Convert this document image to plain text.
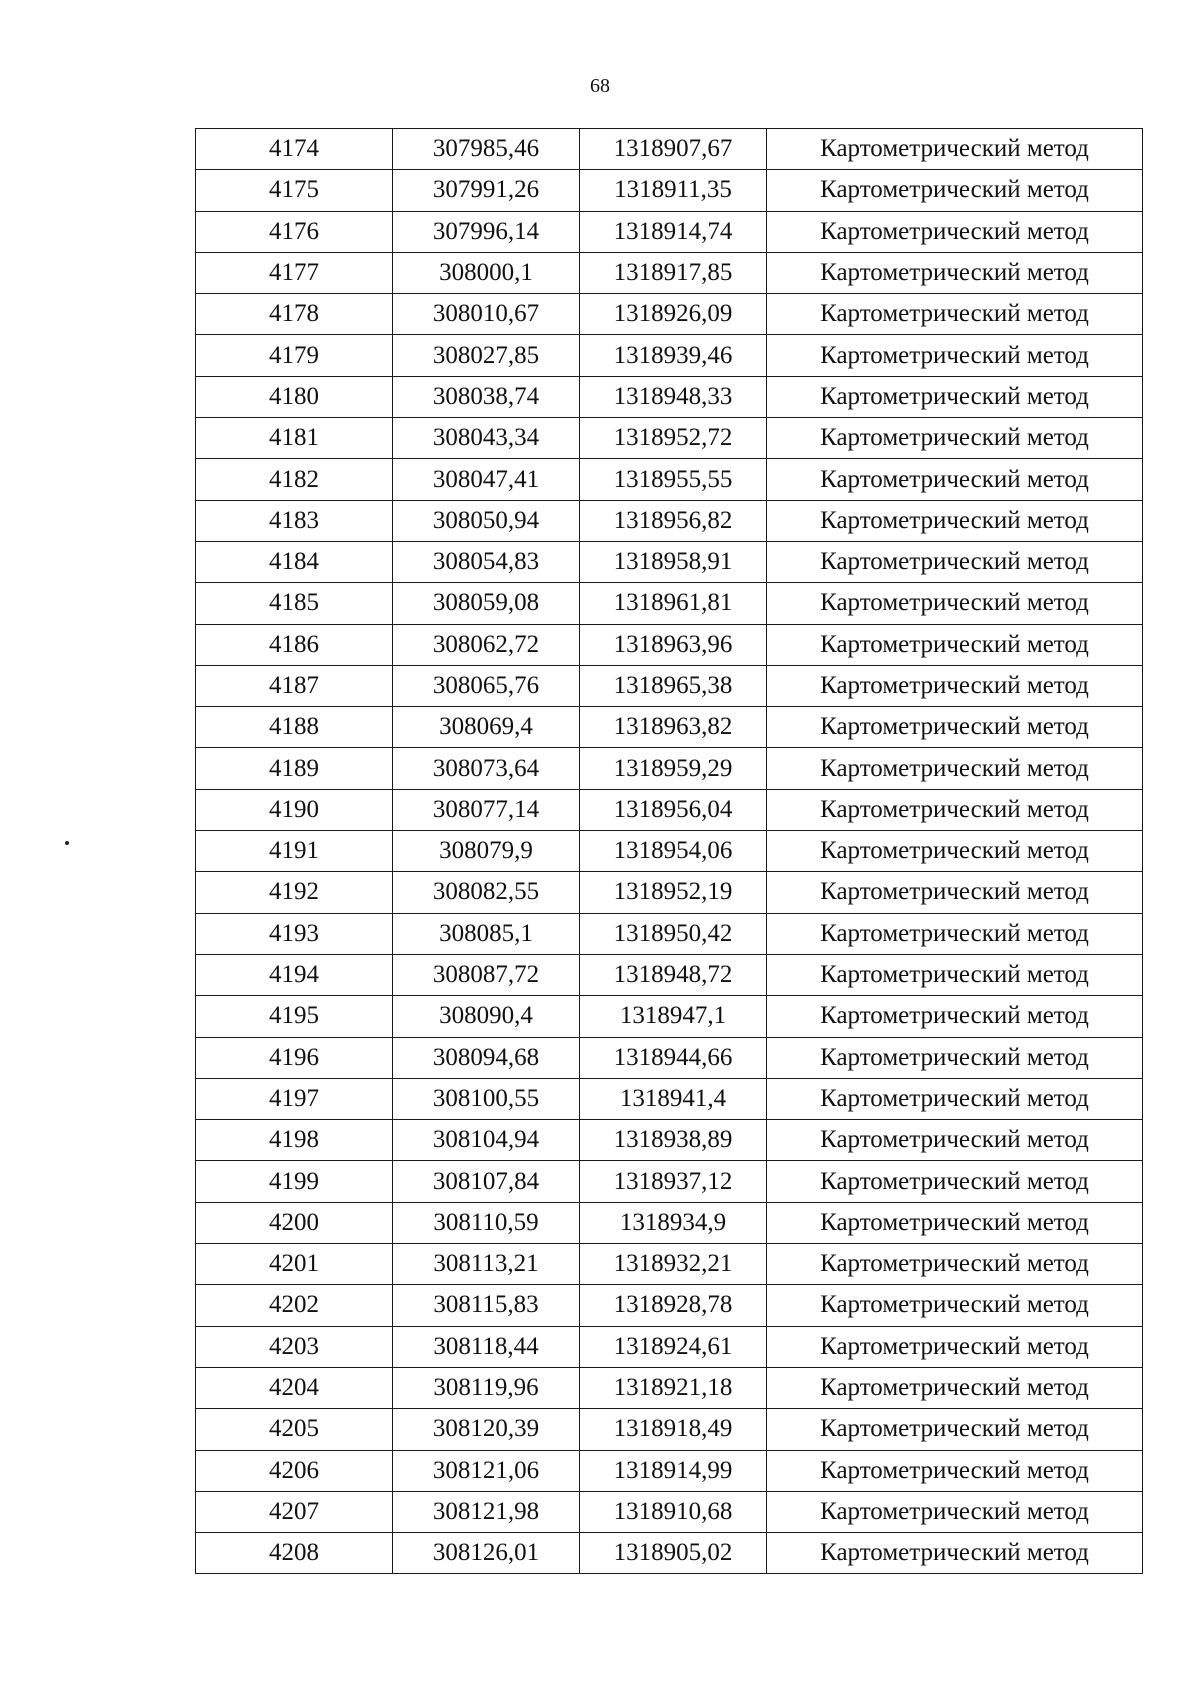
68
4174	307985,46	1318907,67	Картометрический метод
4175	307991,26	1318911,35	Картометрический метод
4176	307996,14	1318914,74	Картометрический метод
4177	308000,1	1318917,85	Картометрический метод
4178	308010,67	1318926,09	Картометрический метод
4179	308027,85	1318939,46	Картометрический метод
4180	308038,74	1318948,33	Картометрический метод
4181	308043,34	1318952,72	Картометрический метод
4182	308047,41	1318955,55	Картометрический метод
4183	308050,94	1318956,82	Картометрический метод
4184	308054,83	1318958,91	Картометрический метод
4185	308059,08	1318961,81	Картометрический метод
4186	308062,72	1318963,96	Картометрический метод
4187	308065,76	1318965,38	Картометрический метод
4188	308069,4	1318963,82	Картометрический метод
4189	308073,64	1318959,29	Картометрический метод
4190	308077,14	1318956,04	Картометрический метод
4191	308079,9	1318954,06	Картометрический метод
4192	308082,55	1318952,19	Картометрический метод
4193	308085,1	1318950,42	Картометрический метод
4194	308087,72	1318948,72	Картометрический метод
4195	308090,4	1318947,1	Картометрический метод
4196	308094,68	1318944,66	Картометрический метод
4197	308100,55	1318941,4	Картометрический метод
4198	308104,94	1318938,89	Картометрический метод
4199	308107,84	1318937,12	Картометрический метод
4200	308110,59	1318934,9	Картометрический метод
4201	308113,21	1318932,21	Картометрический метод
4202	308115,83	1318928,78	Картометрический метод
4203	308118,44	1318924,61	Картометрический метод
4204	308119,96	1318921,18	Картометрический метод
4205	308120,39	1318918,49	Картометрический метод
4206	308121,06	1318914,99	Картометрический метод
4207	308121,98	1318910,68	Картометрический метод
4208	308126,01	1318905,02	Картометрический метод
